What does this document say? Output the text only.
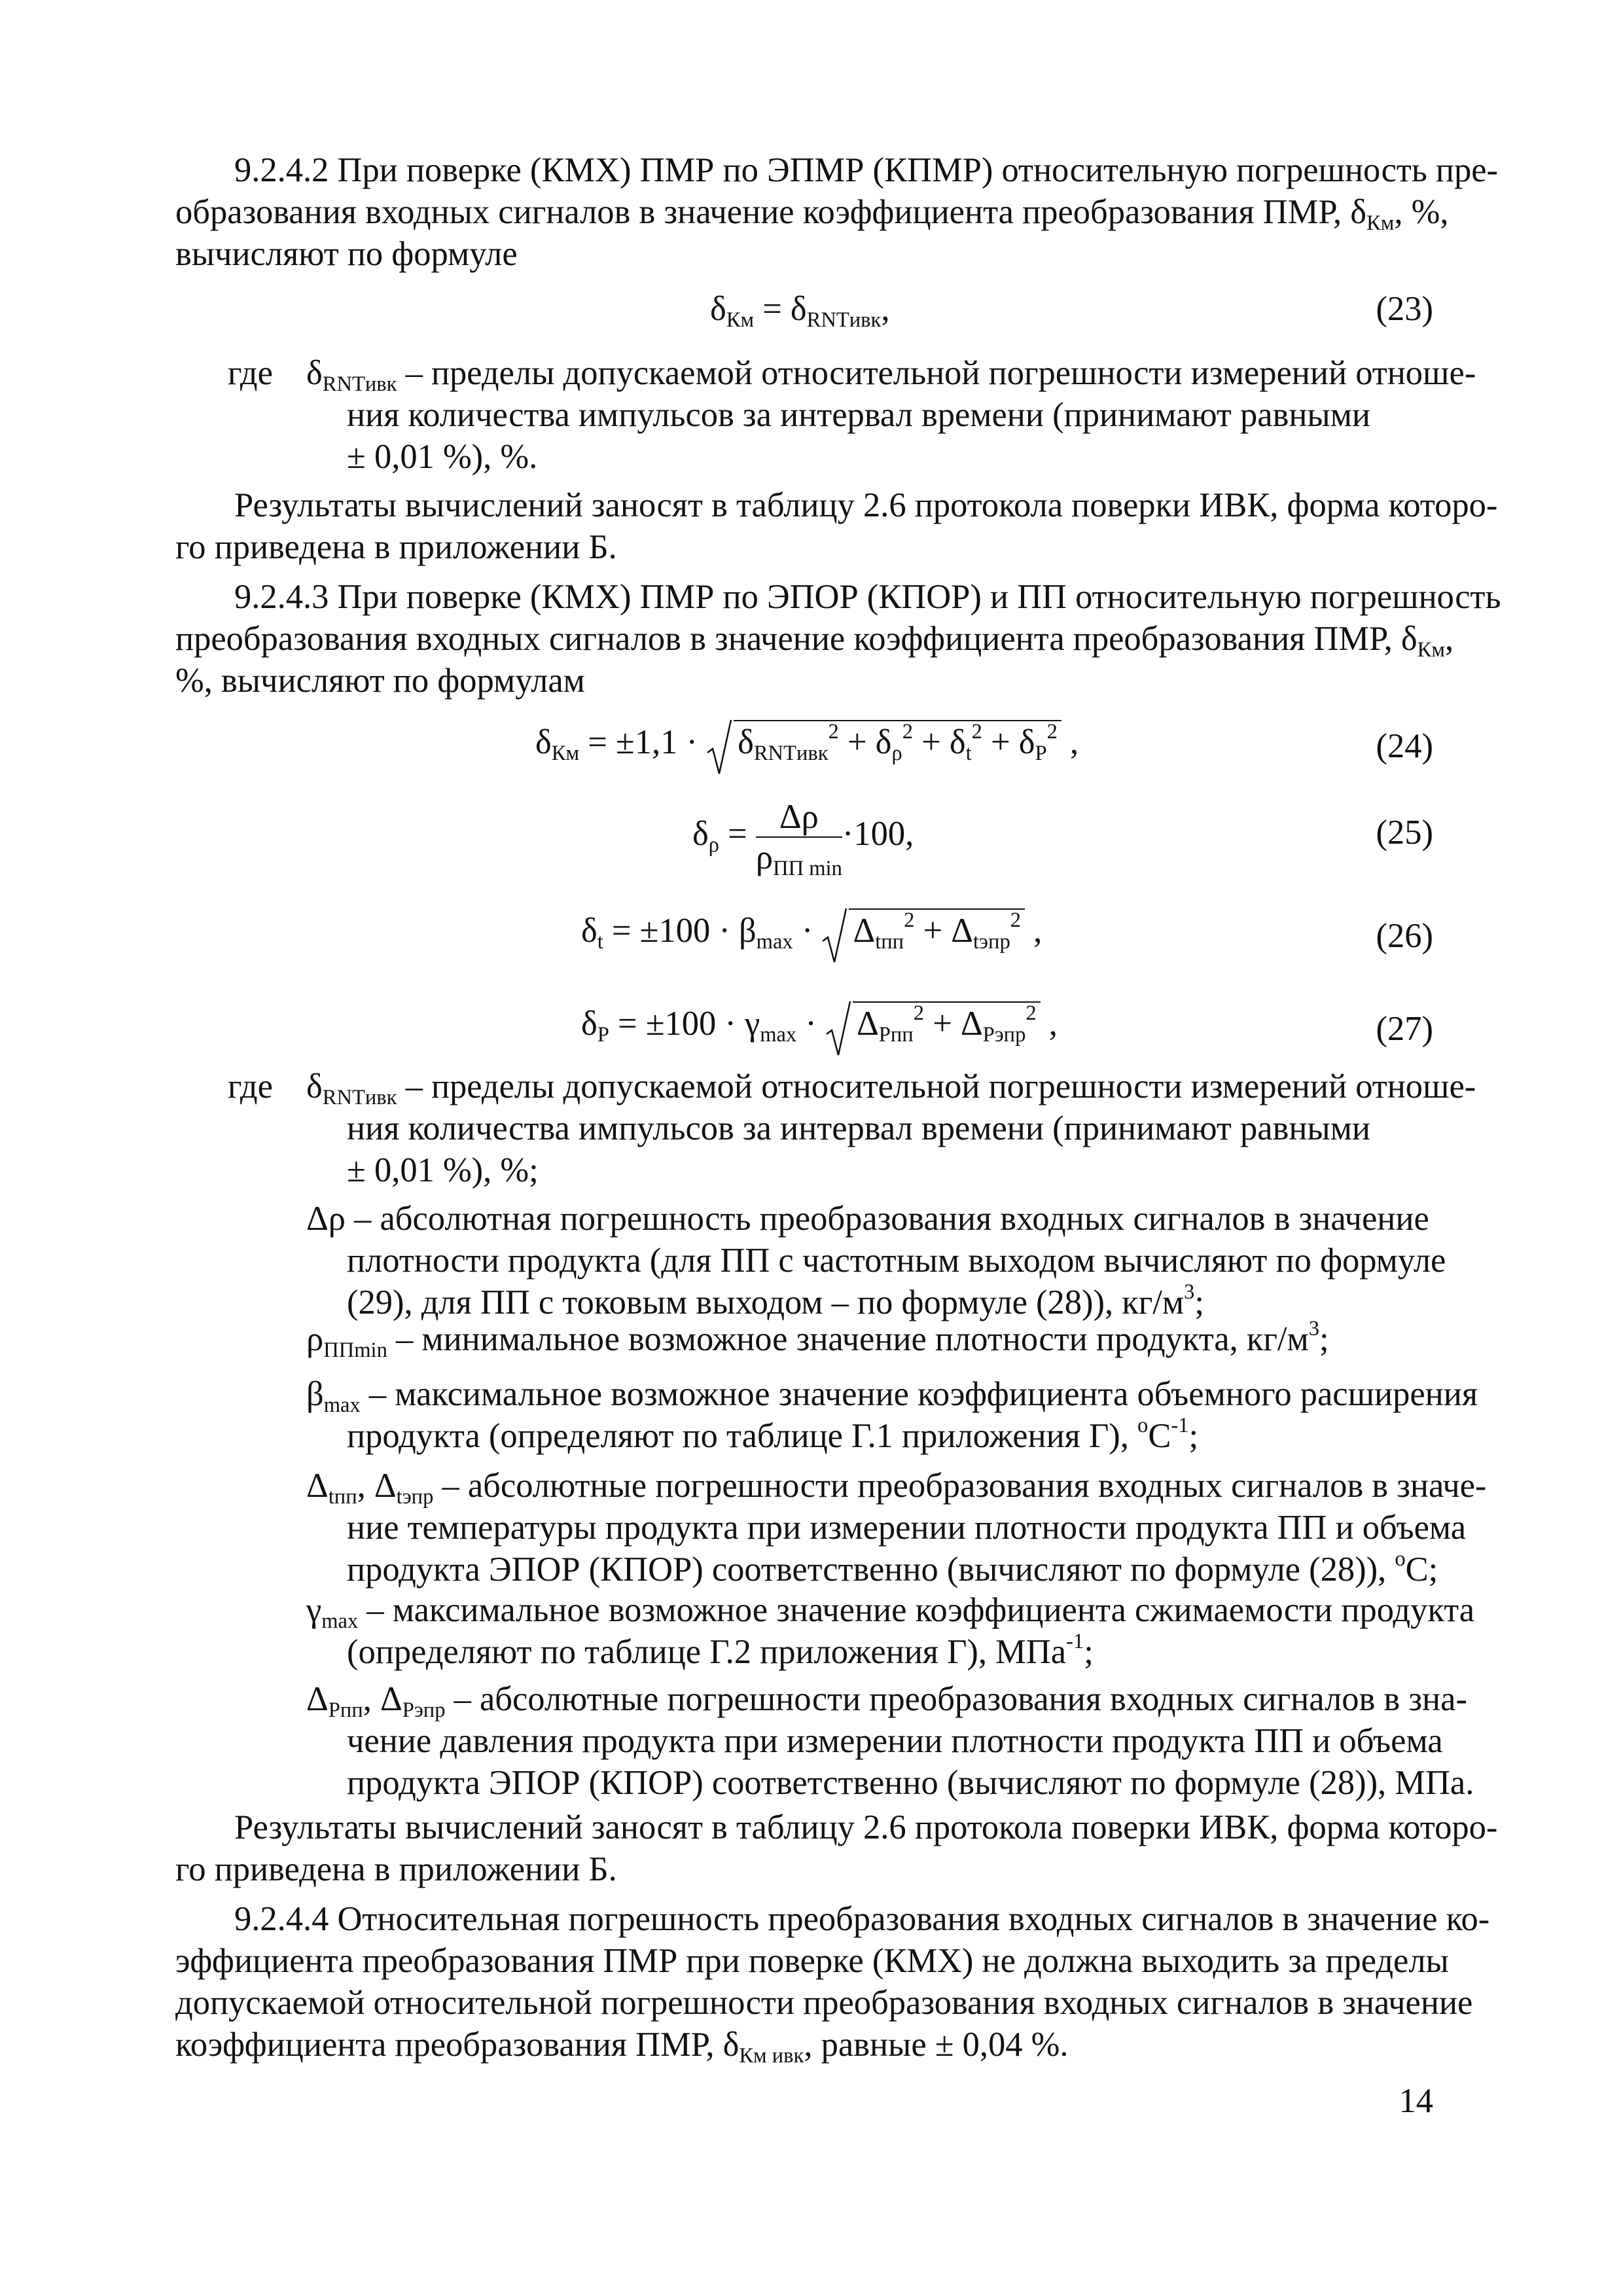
9.2.4.2 При поверке (КМХ) ПМР по ЭПМР (КПМР) относительную погрешность пре-
образования входных сигналов в значение коэффициента преобразования ПМР, $\delta_{Км}$, %,
вычисляют по формуле
$\delta_{Км} = \delta_{RNTивк}$,	(23)
где $\delta_{RNTивк}$ – пределы допускаемой относительной погрешности измерений отноше-
ния количества импульсов за интервал времени (принимают равными
± 0,01 %), %.
Результаты вычислений заносят в таблицу 2.6 протокола поверки ИВК, форма которо-
го приведена в приложении Б.
9.2.4.3 При поверке (КМХ) ПМР по ЭПОР (КПОР) и ПП относительную погрешность
преобразования входных сигналов в значение коэффициента преобразования ПМР, $\delta_{Км}$,
%, вычисляют по формулам
$\delta_{Км} = \pm 1,1$ ·
$\delta_{RNTивк}^2 + \delta_\rho^2 + \delta_t^2 + \delta_P^2$ ,	(24)
$\delta_\rho = \frac{\Delta\rho}{\rho_{ПП min}} \cdot 100$,	(25)
$\delta_t = \pm 100 \cdot \beta_{max}$ ·
$\Delta_{tпп}^2 + \Delta_{tэпр}^2$ ,	(26)
$\delta_P = \pm 100 \cdot \gamma_{max}$ ·
$\Delta_{Pпп}^2 + \Delta_{Pэпр}^2$ ,	(27)
где $\delta_{RNTивк}$ – пределы допускаемой относительной погрешности измерений отноше-
ния количества импульсов за интервал времени (принимают равными
± 0,01 %), %;
Δρ – абсолютная погрешность преобразования входных сигналов в значение
плотности продукта (для ПП с частотным выходом вычисляют по формуле
(29), для ПП с токовым выходом – по формуле (28)), $кг/м^3$;
$\rho_{ППmin}$ – минимальное возможное значение плотности продукта, $кг/м^3$;
$\beta_{max}$ – максимальное возможное значение коэффициента объемного расширения
продукта (определяют по таблице Г.1 приложения Г), $^oС^{-1}$;
$\Delta_{tпп}$, $\Delta_{tэпр}$ – абсолютные погрешности преобразования входных сигналов в значе-
ние температуры продукта при измерении плотности продукта ПП и объема
продукта ЭПОР (КПОР) соответственно (вычисляют по формуле (28)), $^o$С;
$\gamma_{max}$ – максимальное возможное значение коэффициента сжимаемости продукта
(определяют по таблице Г.2 приложения Г), МПа$^{-1}$;
$\Delta_{Pпп}$, $\Delta_{Pэпр}$ – абсолютные погрешности преобразования входных сигналов в зна-
чение давления продукта при измерении плотности продукта ПП и объема
продукта ЭПОР (КПОР) соответственно (вычисляют по формуле (28)), МПа.
Результаты вычислений заносят в таблицу 2.6 протокола поверки ИВК, форма которо-
го приведена в приложении Б.
9.2.4.4 Относительная погрешность преобразования входных сигналов в значение ко-
эффициента преобразования ПМР при поверке (КМХ) не должна выходить за пределы
допускаемой относительной погрешности преобразования входных сигналов в значение
коэффициента преобразования ПМР, $\delta_{Км ивк}$, равные ± 0,04 %.
14
